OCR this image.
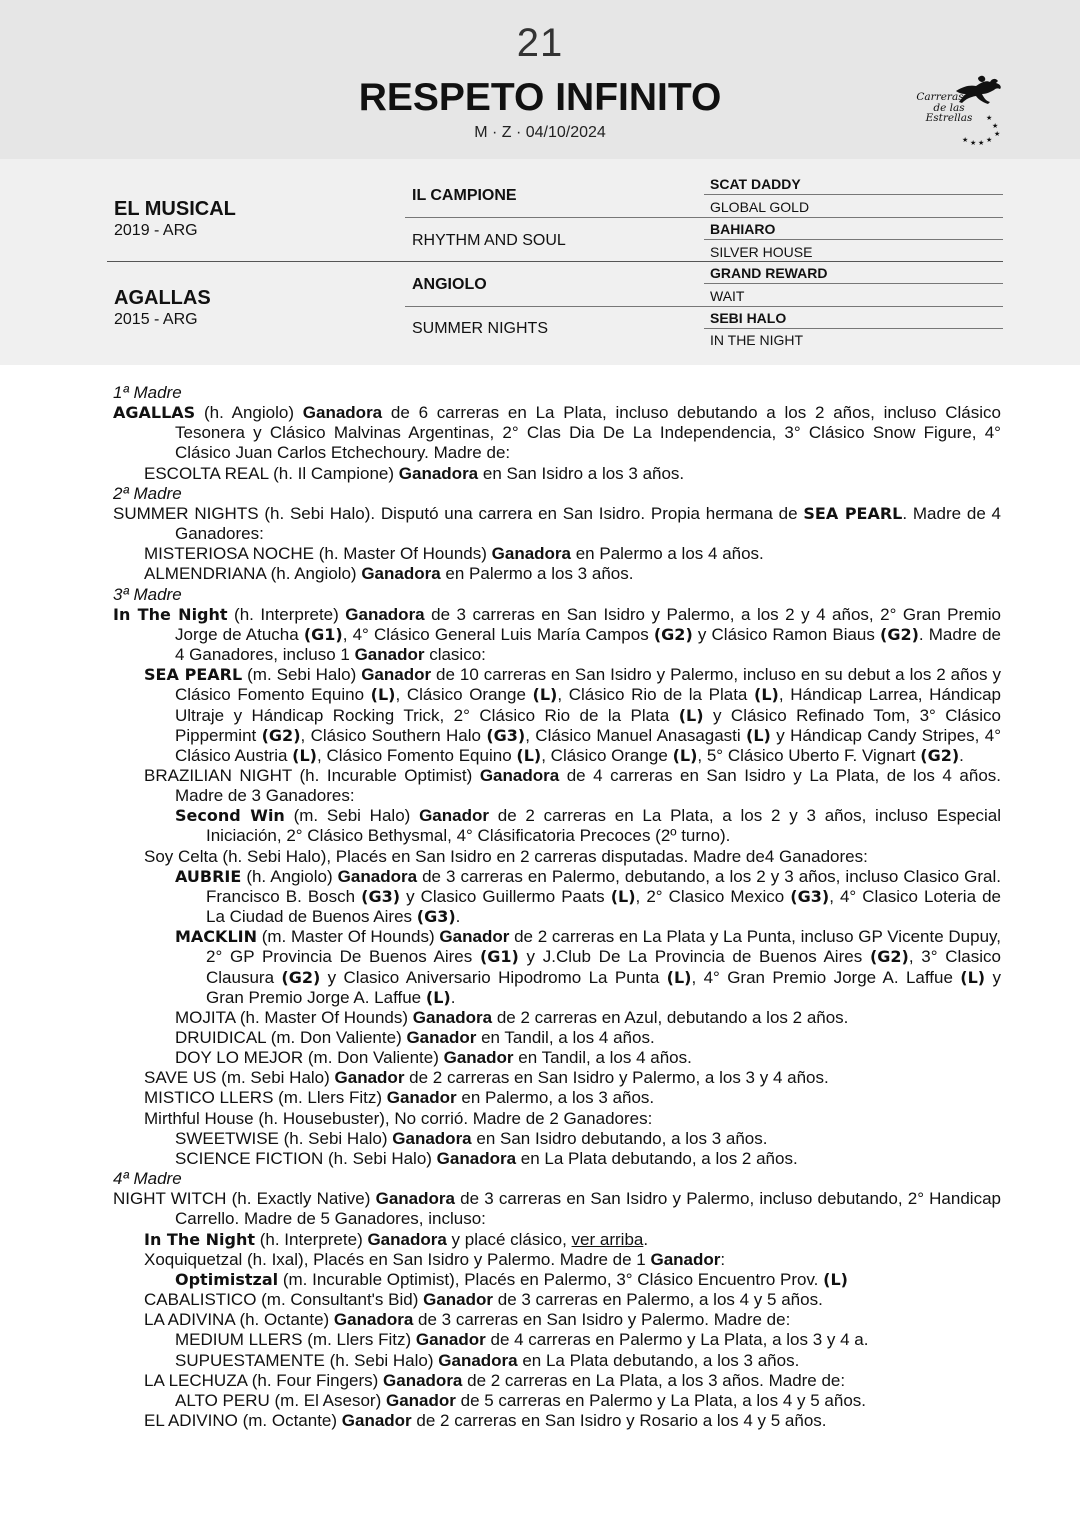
21
RESPETO INFINITO
M · Z · 04/10/2024
★
★
★
★
★
★
★
Carreras
de las Estrellas
EL MUSICAL
2019 - ARG
AGALLAS
2015 - ARG
IL CAMPIONE
RHYTHM AND SOUL
ANGIOLO
SUMMER NIGHTS
SCAT DADDY
GLOBAL GOLD
BAHIARO
SILVER HOUSE
GRAND REWARD
WAIT
SEBI HALO
IN THE NIGHT

1ª Madre

AGALLAS (h. Angiolo) Ganadora de 6 carreras en La Plata, incluso debutando a los 2 años, incluso Clásico Tesonera y Clásico Malvinas Argentinas, 2° Clas Dia De La Independencia, 3° Clásico Snow Figure, 4° Clásico Juan Carlos Etchechoury. Madre de:

ESCOLTA REAL (h. Il Campione) Ganadora en San Isidro a los 3 años.

2ª Madre

SUMMER NIGHTS (h. Sebi Halo). Disputó una carrera en San Isidro. Propia hermana de SEA PEARL. Madre de 4 Ganadores:

MISTERIOSA NOCHE (h. Master Of Hounds) Ganadora en Palermo a los 4 años.

ALMENDRIANA (h. Angiolo) Ganadora en Palermo a los 3 años.

3ª Madre

In The Night (h. Interprete) Ganadora de 3 carreras en San Isidro y Palermo, a los 2 y 4 años, 2° Gran Premio Jorge de Atucha (G1), 4° Clásico General Luis María Campos (G2) y Clásico Ramon Biaus (G2). Madre de 4 Ganadores, incluso 1 Ganador clasico:

SEA PEARL (m. Sebi Halo) Ganador de 10 carreras en San Isidro y Palermo, incluso en su debut a los 2 años y Clásico Fomento Equino (L), Clásico Orange (L), Clásico Rio de la Plata (L), Hándicap Larrea, Hándicap Ultraje y Hándicap Rocking Trick, 2° Clásico Rio de la Plata (L) y Clásico Refinado Tom, 3° Clásico Pippermint (G2), Clásico Southern Halo (G3), Clásico Manuel Anasagasti (L) y Hándicap Candy Stripes, 4° Clásico Austria (L), Clásico Fomento Equino (L), Clásico Orange (L), 5° Clásico Uberto F. Vignart (G2).

BRAZILIAN NIGHT (h. Incurable Optimist) Ganadora de 4 carreras en San Isidro y La Plata, de los 4 años. Madre de 3 Ganadores:

Second Win (m. Sebi Halo) Ganador de 2 carreras en La Plata, a los 2 y 3 años, incluso Especial Iniciación, 2° Clásico Bethysmal, 4° Clásificatoria Precoces (2º turno).

Soy Celta (h. Sebi Halo), Placés en San Isidro en 2 carreras disputadas. Madre de4 Ganadores:

AUBRIE (h. Angiolo) Ganadora de 3 carreras en Palermo, debutando, a los 2 y 3 años, incluso Clasico Gral. Francisco B. Bosch (G3) y Clasico Guillermo Paats (L), 2° Clasico Mexico (G3), 4° Clasico Loteria de La Ciudad de Buenos Aires (G3).

MACKLIN (m. Master Of Hounds) Ganador de 2 carreras en La Plata y La Punta, incluso GP Vicente Dupuy, 2° GP Provincia De Buenos Aires (G1) y J.Club De La Provincia de Buenos Aires (G2), 3° Clasico Clausura (G2) y Clasico Aniversario Hipodromo La Punta (L), 4° Gran Premio Jorge A. Laffue (L) y Gran Premio Jorge A. Laffue (L).

MOJITA (h. Master Of Hounds) Ganadora de 2 carreras en Azul, debutando a los 2 años.

DRUIDICAL (m. Don Valiente) Ganador en Tandil, a los 4 años.

DOY LO MEJOR (m. Don Valiente) Ganador en Tandil, a los 4 años.

SAVE US (m. Sebi Halo) Ganador de 2 carreras en San Isidro y Palermo, a los 3 y 4 años.

MISTICO LLERS (m. Llers Fitz) Ganador en Palermo, a los 3 años.

Mirthful House (h. Housebuster), No corrió. Madre de 2 Ganadores:

SWEETWISE (h. Sebi Halo) Ganadora en San Isidro debutando, a los 3 años.

SCIENCE FICTION (h. Sebi Halo) Ganadora en La Plata debutando, a los 2 años.

4ª Madre

NIGHT WITCH (h. Exactly Native) Ganadora de 3 carreras en San Isidro y Palermo, incluso debutando, 2° Handicap Carrello. Madre de 5 Ganadores, incluso:

In The Night (h. Interprete) Ganadora y placé clásico, ver arriba.

Xoquiquetzal (h. Ixal), Placés en San Isidro y Palermo. Madre de 1 Ganador:

Optimistzal (m. Incurable Optimist), Placés en Palermo, 3° Clásico Encuentro Prov. (L)

CABALISTICO (m. Consultant's Bid) Ganador de 3 carreras en Palermo, a los 4 y 5 años.

LA ADIVINA (h. Octante) Ganadora de 3 carreras en San Isidro y Palermo. Madre de:

MEDIUM LLERS (m. Llers Fitz) Ganador de 4 carreras en Palermo y La Plata, a los 3 y 4 a.

SUPUESTAMENTE (h. Sebi Halo) Ganadora en La Plata debutando, a los 3 años.

LA LECHUZA (h. Four Fingers) Ganadora de 2 carreras en La Plata, a los 3 años. Madre de:

ALTO PERU (m. El Asesor) Ganador de 5 carreras en Palermo y La Plata, a los 4 y 5 años.

EL ADIVINO (m. Octante) Ganador de 2 carreras en San Isidro y Rosario a los 4 y 5 años.
